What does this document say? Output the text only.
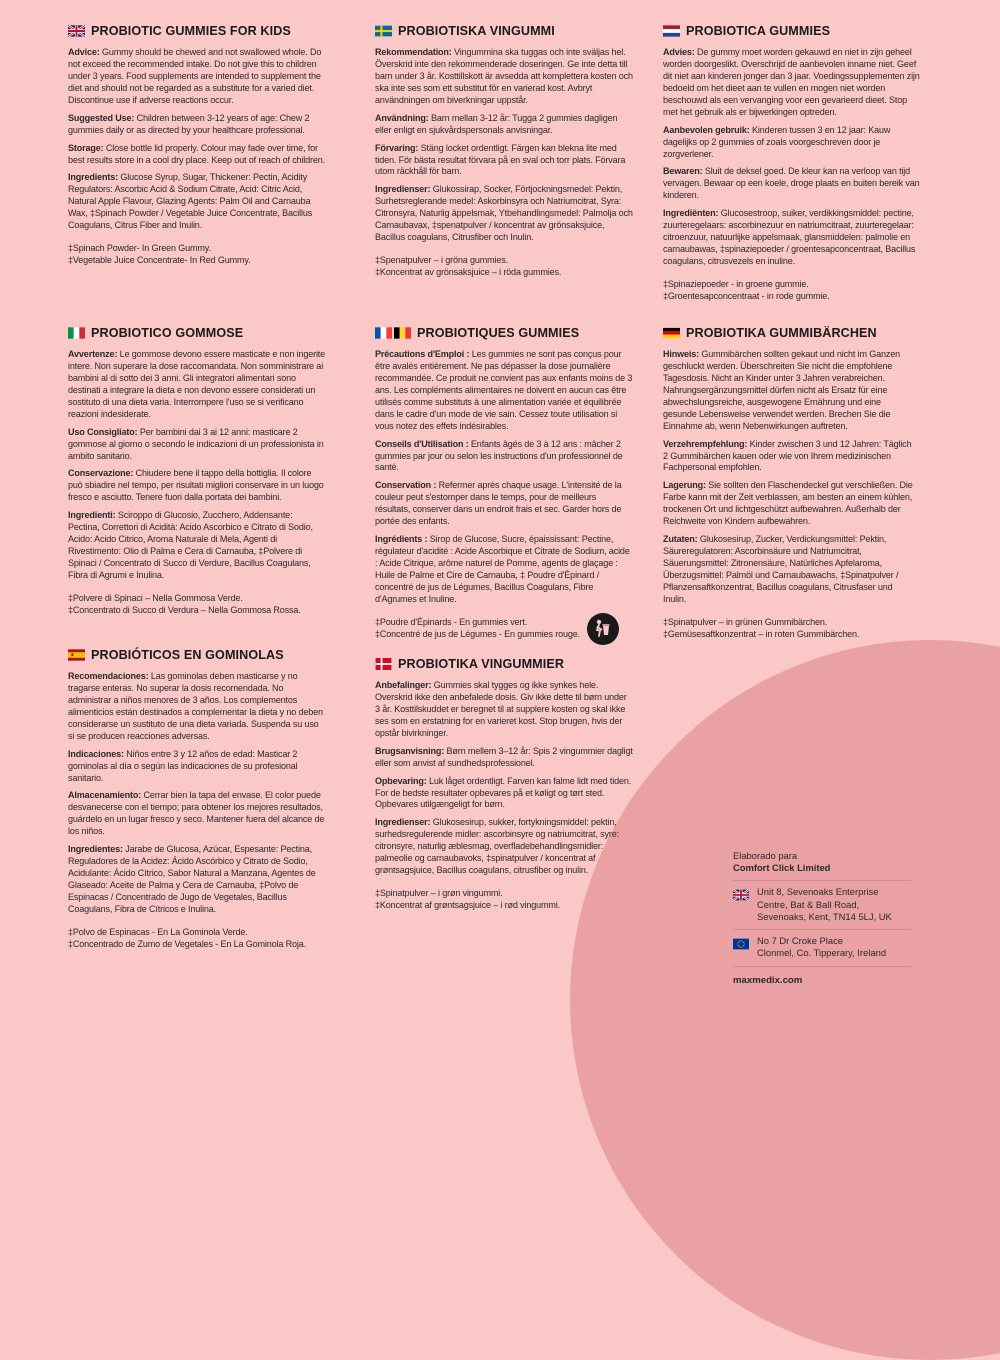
PROBIOTIC GUMMIES FOR KIDS

Advice: Gummy should be chewed and not swallowed whole. Do not exceed the recommended intake. Do not give this to children under 3 years. Food supplements are intended to supplement the diet and should not be regarded as a substitute for a varied diet. Discontinue use if adverse reactions occur.

Suggested Use: Children between 3-12 years of age: Chew 2 gummies daily or as directed by your healthcare professional.

Storage: Close bottle lid properly. Colour may fade over time, for best results store in a cool dry place. Keep out of reach of children.

Ingredients: Glucose Syrup, Sugar, Thickener: Pectin, Acidity Regulators: Ascorbic Acid & Sodium Citrate, Acid: Citric Acid, Natural Apple Flavour, Glazing Agents: Palm Oil and Carnauba Wax, ‡Spinach Powder / Vegetable Juice Concentrate, Bacillus Coagulans, Citrus Fiber and Inulin.

‡Spinach Powder- In Green Gummy.

‡Vegetable Juice Concentrate- In Red Gummy.

PROBIOTISKA VINGUMMI

Rekommendation: Vingummina ska tuggas och inte sväljas hel. Överskrid inte den rekommenderade doseringen. Ge inte detta till barn under 3 år. Kosttillskott är avsedda att komplettera kosten och ska inte ses som ett substitut för en varierad kost. Avbryt användningen om biverkningar uppstår.

Användning: Barn mellan 3-12 år: Tugga 2 gummies dagligen eller enligt en sjukvårdspersonals anvisningar.

Förvaring: Stäng locket ordentligt. Färgen kan blekna lite med tiden. För bästa resultat förvara på en sval och torr plats. Förvara utom räckhåll för barn.

Ingredienser: Glukossirap, Socker, Förtjockningsmedel: Pektin, Surhetsreglerande medel: Askorbinsyra och Natriumcitrat, Syra: Citronsyra, Naturlig äppelsmak, Ytbehandlingsmedel: Palmolja och Carnaubavax, ‡spenatpulver / koncentrat av grönsaksjuice, Bacillus coagulans, Citrusfiber och Inulin.

‡Spenatpulver – i gröna gummies.

‡Koncentrat av grönsaksjuice – i röda gummies.

PROBIOTICA GUMMIES

Advies: De gummy moet worden gekauwd en niet in zijn geheel worden doorgeslikt. Overschrijd de aanbevolen inname niet. Geef dit niet aan kinderen jonger dan 3 jaar. Voedingssupplementen zijn bedoeld om het dieet aan te vullen en mogen niet worden beschouwd als een vervanging voor een gevarieerd dieet. Stop met het gebruik als er bijwerkingen optreden.

Aanbevolen gebruik: Kinderen tussen 3 en 12 jaar: Kauw dagelijks op 2 gummies of zoals voorgeschreven door je zorgverlener.

Bewaren: Sluit de deksel goed. De kleur kan na verloop van tijd vervagen. Bewaar op een koele, droge plaats en buiten bereik van kinderen.

Ingrediënten: Glucosestroop, suiker, verdikkingsmiddel: pectine, zuurteregelaars: ascorbinezuur en natriumcitraat, zuurteregelaar: citroenzuur, natuurlijke appelsmaak, glansmiddelen: palmolie en carnaubawas, ‡spinaziepoeder / groentesapconcentraat, Bacillus coagulans, citrusvezels en inuline.

‡Spinaziepoeder - in groene gummie.

‡Groentesapconcentraat - in rode gummie.

PROBIOTICO GOMMOSE

Avvertenze: Le gommose devono essere masticate e non ingerite intere. Non superare la dose raccomandata. Non somministrare ai bambini al di sotto dei 3 anni. Gli integratori alimentari sono destinati a integrare la dieta e non devono essere considerati un sostituto di una dieta varia. Interrompere l'uso se si verificano reazioni indesiderate.

Uso Consigliato: Per bambini dai 3 ai 12 anni: masticare 2 gommose al giorno o secondo le indicazioni di un professionista in ambito sanitario.

Conservazione: Chiudere bene il tappo della bottiglia. Il colore può sbiadire nel tempo, per risultati migliori conservare in un luogo fresco e asciutto. Tenere fuori dalla portata dei bambini.

Ingredienti: Sciroppo di Glucosio, Zucchero, Addensante: Pectina, Correttori di Acidità: Acido Ascorbico e Citrato di Sodio, Acido: Acido Citrico, Aroma Naturale di Mela, Agenti di Rivestimento: Olio di Palma e Cera di Carnauba, ‡Polvere di Spinaci / Concentrato di Succo di Verdure, Bacillus Coagulans, Fibra di Agrumi e Inulina.

‡Polvere di Spinaci – Nella Gommosa Verde.

‡Concentrato di Succo di Verdura – Nella Gommosa Rossa.

PROBIOTIQUES GUMMIES

Précautions d'Emploi : Les gummies ne sont pas conçus pour être avalés entièrement. Ne pas dépasser la dose journalière recommandée. Ce produit ne convient pas aux enfants moins de 3 ans. Les compléments alimentaires ne doivent en aucun cas être utilisés comme substituts à une alimentation variée et équilibrée dans le cadre d'un mode de vie sain. Cessez toute utilisation si vous notez des effets indésirables.

Conseils d'Utilisation : Enfants âgés de 3 à 12 ans : mâcher 2 gummies par jour ou selon les instructions d'un professionnel de santé.

Conservation : Refermer après chaque usage. L'intensité de la couleur peut s'estomper dans le temps, pour de meilleurs résultats, conserver dans un endroit frais et sec. Garder hors de portée des enfants.

Ingrédients : Sirop de Glucose, Sucre, épaississant: Pectine, régulateur d'acidité : Acide Ascorbique et Citrate de Sodium, acide : Acide Citrique, arôme naturel de Pomme, agents de glaçage : Huile de Palme et Cire de Carnauba, ‡ Poudre d'Épinard / concentré de jus de Légumes, Bacillus Coagulans, Fibre d'Agrumes et Inuline.

‡Poudre d'Épinards - En gummies vert.

‡Concentré de jus de Légumes - En gummies rouge.

PROBIOTIKA GUMMIBÄRCHEN

Hinweis: Gummibärchen sollten gekaut und nicht im Ganzen geschluckt werden. Überschreiten Sie nicht die empfohlene Tagesdosis. Nicht an Kinder unter 3 Jahren verabreichen. Nahrungsergänzungsmittel dürfen nicht als Ersatz für eine abwechslungsreiche, ausgewogene Ernährung und eine gesunde Lebensweise verwendet werden. Brechen Sie die Einnahme ab, wenn Nebenwirkungen auftreten.

Verzehrempfehlung: Kinder zwischen 3 und 12 Jahren: Täglich 2 Gummibärchen kauen oder wie von Ihrem medizinischen Fachpersonal empfohlen.

Lagerung: Sie sollten den Flaschendeckel gut verschließen. Die Farbe kann mit der Zeit verblassen, am besten an einem kühlen, trockenen Ort und lichtgeschützt aufbewahren. Außerhalb der Reichweite von Kindern aufbewahren.

Zutaten: Glukosesirup, Zucker, Verdickungsmittel: Pektin, Säureregulatoren: Ascorbinsäure und Natriumcitrat, Säuerungsmittel: Zitronensäure, Natürliches Apfelaroma, Überzugsmittel: Palmöl und Carnaubawachs, ‡Spinatpulver / Pflanzensaftkonzentrat, Bacillus coagulans, Citrusfaser und Inulin.

‡Spinatpulver – in grünen Gummibärchen.

‡Gemüsesaftkonzentrat – in roten Gummibärchen.

PROBIÓTICOS EN GOMINOLAS

Recomendaciones: Las gominolas deben masticarse y no tragarse enteras. No superar la dosis recomendada. No administrar a niños menores de 3 años. Los complementos alimenticios están destinados a complementar la dieta y no deben considerarse un sustituto de una dieta variada. Suspenda su uso si se producen reacciones adversas.

Indicaciones: Niños entre 3 y 12 años de edad: Masticar 2 gominolas al día o según las indicaciones de su profesional sanitario.

Almacenamiento: Cerrar bien la tapa del envase. El color puede desvanecerse con el tiempo; para obtener los mejores resultados, guárdelo en un lugar fresco y seco. Mantener fuera del alcance de los niños.

Ingredientes: Jarabe de Glucosa, Azúcar, Espesante: Pectina, Reguladores de la Acidez: Ácido Ascórbico y Citrato de Sodio, Acidulante: Ácido Cítrico, Sabor Natural a Manzana, Agentes de Glaseado: Aceite de Palma y Cera de Carnauba, ‡Polvo de Espinacas / Concentrado de Jugo de Vegetales, Bacillus Coagulans, Fibra de Cítricos e Inulina.

‡Polvo de Espinacas - En La Gominola Verde.

‡Concentrado de Zumo de Vegetales - En La Gominola Roja.

PROBIOTIKA VINGUMMIER

Anbefalinger: Gummies skal tygges og ikke synkes hele. Overskrid ikke den anbefalede dosis. Giv ikke dette til børn under 3 år. Kosttilskuddet er beregnet til at supplere kosten og skal ikke ses som en erstatning for en varieret kost. Stop brugen, hvis der opstår bivirkninger.

Brugsanvisning: Børn mellem 3–12 år: Spis 2 vingummier dagligt eller som anvist af sundhedsprofessionel.

Opbevaring: Luk låget ordentligt. Farven kan falme lidt med tiden. For de bedste resultater opbevares på et køligt og tørt sted. Opbevares utilgængeligt for børn.

Ingredienser: Glukosesirup, sukker, fortykningsmiddel: pektin, surhedsregulerende midler: ascorbinsyre og natriumcitrat, syre: citronsyre, naturlig æblesmag, overfladebehandlingsmidler: palmeolie og carnaubavoks, ‡spinatpulver / koncentrat af grøntsagsjuice, Bacillus coagulans, citrusfiber og inulin.

‡Spinatpulver – i grøn vingummi.

‡Koncentrat af grøntsagsjuice – i rød vingummi.

Elaborado para

Comfort Click Limited

Unit 8, Sevenoaks Enterprise

Centre, Bat & Ball Road,

Sevenoaks, Kent, TN14 5LJ, UK

No 7 Dr Croke Place

Clonmel, Co. Tipperary, Ireland

maxmedix.com
